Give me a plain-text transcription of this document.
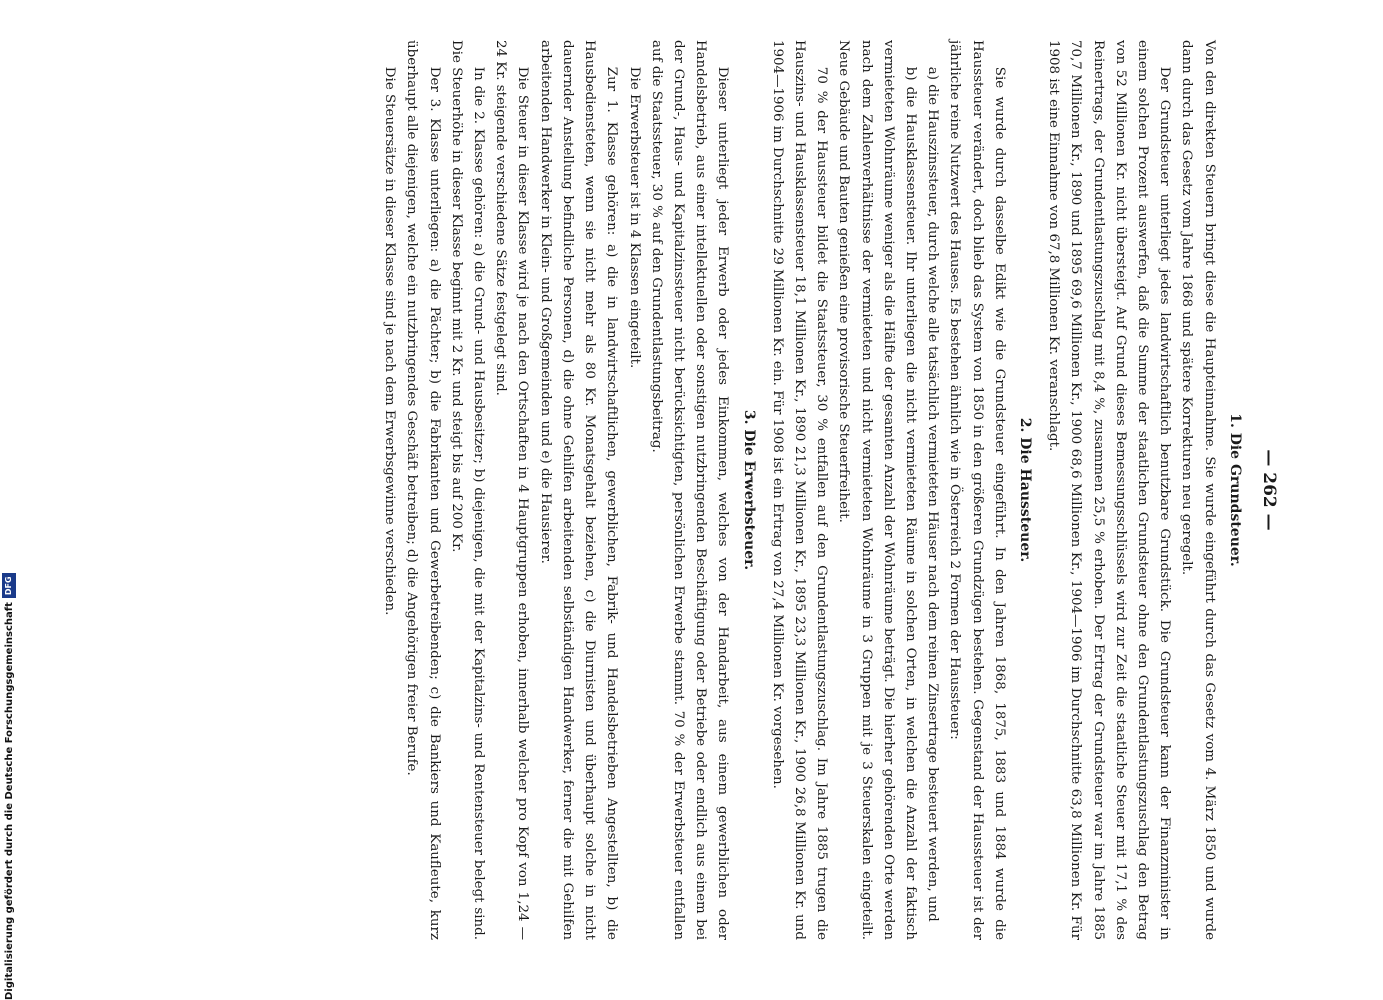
— 262 —
1. Die Grundsteuer.

Von den direkten Steuern bringt diese die Haupteinnahme. Sie wurde eingeführt durch das Gesetz vom 4. März 1850 und wurde dann durch das Gesetz vom Jahre 1868 und spätere Korrekturen neu geregelt.

Der Grundsteuer unterliegt jedes landwirtschaftlich benutzbare Grundstück. Die Grundsteuer kann der Finanzminister in einem solchen Prozent auswerfen, daß die Summe der staatlichen Grundsteuer ohne den Grundentlastungszuschlag den Betrag von 52 Millionen Kr. nicht übersteigt. Auf Grund dieses Bemessungsschlüssels wird zur Zeit die staatliche Steuer mit 17,1 % des Reinertrags, der Grundentlastungszuschlag mit 8,4 %, zusammen 25,5 % erhoben. Der Ertrag der Grundsteuer war im Jahre 1885 70,7 Millionen Kr., 1890 und 1895 69,6 Millionen Kr., 1900 68,6 Millionen Kr., 1904—1906 im Durchschnitte 63,8 Millionen Kr. Für 1908 ist eine Einnahme von 67,8 Millionen Kr. veranschlagt.

2. Die Haussteuer.

Sie wurde durch dasselbe Edikt wie die Grundsteuer eingeführt. In den Jahren 1868, 1875, 1883 und 1884 wurde die Haussteuer verändert, doch blieb das System von 1850 in den größeren Grundzügen bestehen. Gegenstand der Haussteuer ist der jährliche reine Nutzwert des Hauses. Es bestehen ähnlich wie in Österreich 2 Formen der Haussteuer:

a) die Hauszinssteuer, durch welche alle tatsächlich vermieteten Häuser nach dem reinen Zinsertrage besteuert werden, und

b) die Hausklassensteuer. Ihr unterliegen die nicht vermieteten Räume in solchen Orten, in welchen die Anzahl der faktisch vermieteten Wohnräume weniger als die Hälfte der gesamten Anzahl der Wohnräume beträgt. Die hierher gehörenden Orte werden nach dem Zahlenverhältnisse der vermieteten und nicht vermieteten Wohnräume in 3 Gruppen mit je 3 Steuerskalen eingeteilt. Neue Gebäude und Bauten genießen eine provisorische Steuerfreiheit.

70 % der Haussteuer bildet die Staatssteuer, 30 % entfallen auf den Grundentlastungszuschlag. Im Jahre 1885 trugen die Hauszins- und Hausklassensteuer 18,1 Millionen Kr., 1890 21,3 Millionen Kr., 1895 23,3 Millionen Kr., 1900 26,8 Millionen Kr. und 1904—1906 im Durchschnitte 29 Millionen Kr. ein. Für 1908 ist ein Ertrag von 27,4 Millionen Kr. vorgesehen.

3. Die Erwerbsteuer.

Dieser unterliegt jeder Erwerb oder jedes Einkommen, welches von der Handarbeit, aus einem gewerblichen oder Handelsbetrieb, aus einer intellektuellen oder sonstigen nutzbringenden Beschäftigung oder Betriebe oder endlich aus einem bei der Grund-, Haus- und Kapitalzinssteuer nicht berücksichtigten, persönlichen Erwerbe stammt. 70 % der Erwerbsteuer entfallen auf die Staatssteuer, 30 % auf den Grundentlastungsbeitrag.

Die Erwerbsteuer ist in 4 Klassen eingeteilt.

Zur 1. Klasse gehören: a) die in landwirtschaftlichen, gewerblichen, Fabrik- und Handelsbetrieben Angestellten, b) die Hausbediensteten, wenn sie nicht mehr als 80 Kr. Monatsgehalt beziehen, c) die Diurnisten und überhaupt solche in nicht dauernder Anstellung befindliche Personen, d) die ohne Gehilfen arbeitenden selbständigen Handwerker, ferner die mit Gehilfen arbeitenden Handwerker in Klein- und Großgemeinden und e) die Hausierer.

Die Steuer in dieser Klasse wird je nach den Ortschaften in 4 Hauptgruppen erhoben, innerhalb welcher pro Kopf von 1,24 — 24 Kr. steigende verschiedene Sätze festgelegt sind.

In die 2. Klasse gehören: a) die Grund- und Hausbesitzer; b) diejenigen, die mit der Kapitalzins- und Rentensteuer belegt sind. Die Steuerhöhe in dieser Klasse beginnt mit 2 Kr. und steigt bis auf 200 Kr.

Der 3. Klasse unterliegen: a) die Pächter; b) die Fabrikanten und Gewerbetreibenden; c) die Bankiers und Kaufleute, kurz überhaupt alle diejenigen, welche ein nutzbringendes Geschäft betreiben; d) die Angehörigen freier Berufe.

Die Steuersätze in dieser Klasse sind je nach dem Erwerbsgewinne verschieden.

Digitalisierung gefördert durch die Deutsche Forschungsgemeinschaft
DFG
